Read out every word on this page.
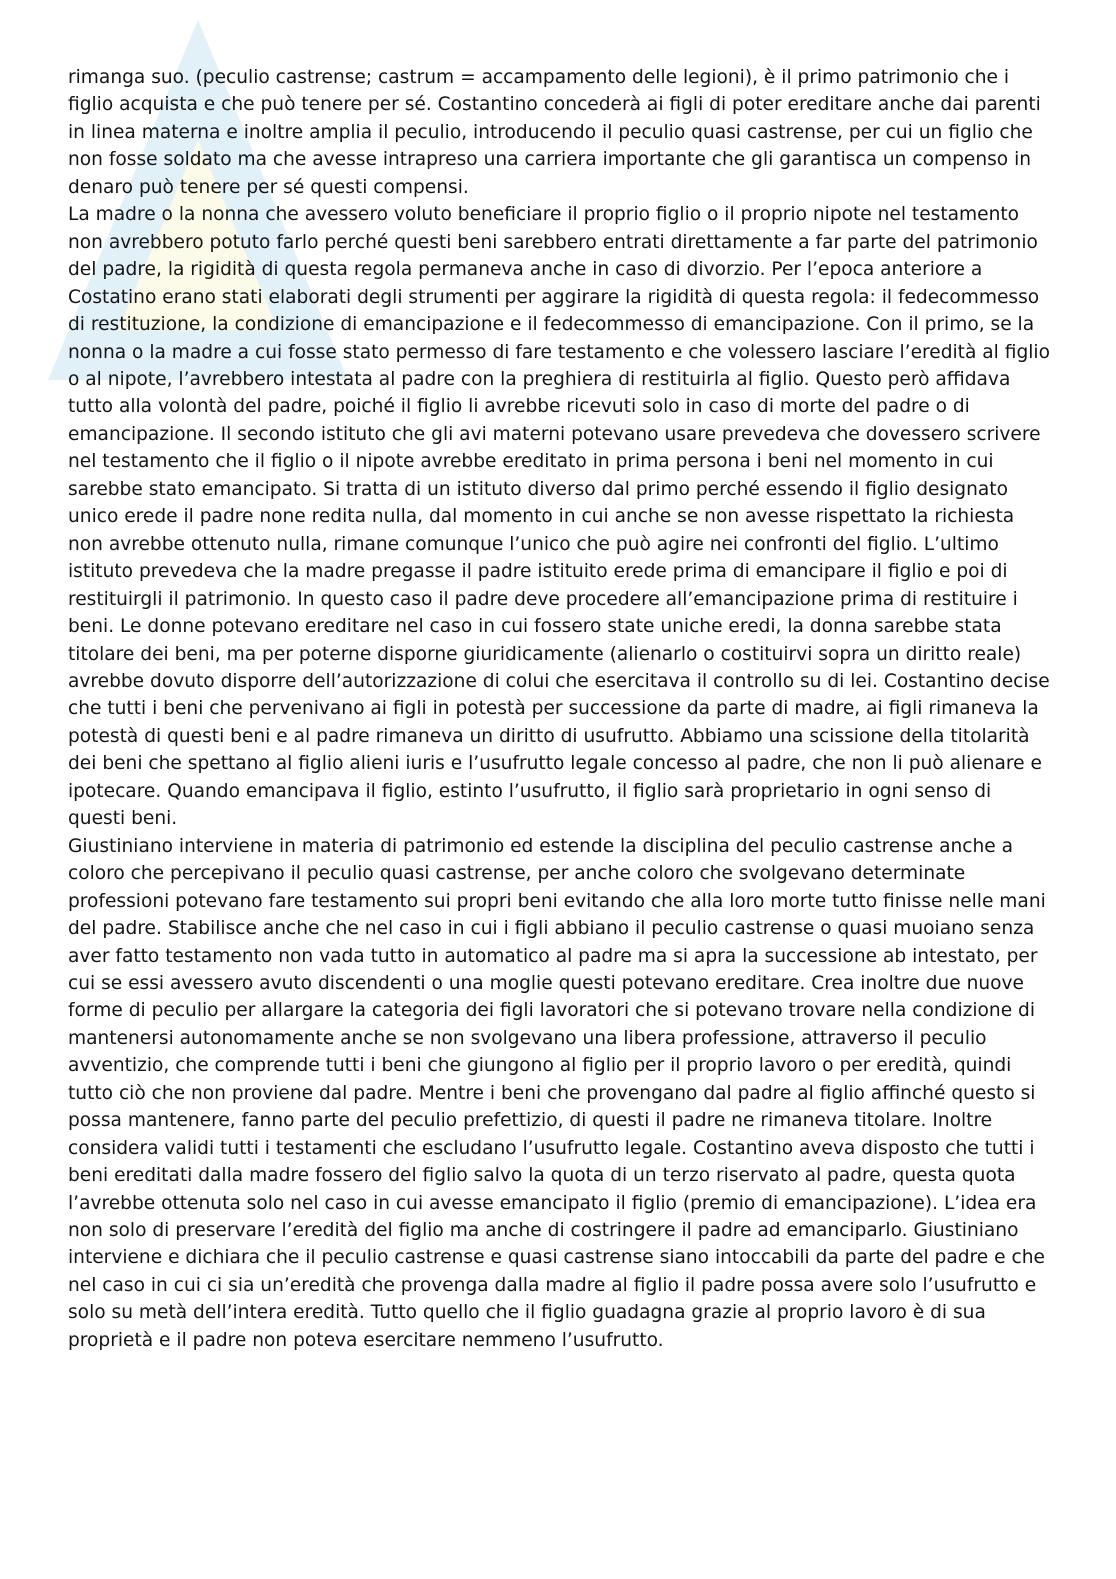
rimanga suo. (peculio castrense; castrum = accampamento delle legioni), è il primo patrimonio che i figlio acquista e che può tenere per sé. Costantino concederà ai figli di poter ereditare anche dai parenti in linea materna e inoltre amplia il peculio, introducendo il peculio quasi castrense, per cui un figlio che non fosse soldato ma che avesse intrapreso una carriera importante che gli garantisca un compenso in denaro può tenere per sé questi compensi.

La madre o la nonna che avessero voluto beneficiare il proprio figlio o il proprio nipote nel testamento non avrebbero potuto farlo perché questi beni sarebbero entrati direttamente a far parte del patrimonio del padre, la rigidità di questa regola permaneva anche in caso di divorzio. Per l’epoca anteriore a Costatino erano stati elaborati degli strumenti per aggirare la rigidità di questa regola: il fedecommesso di restituzione, la condizione di emancipazione e il fedecommesso di emancipazione. Con il primo, se la nonna o la madre a cui fosse stato permesso di fare testamento e che volessero lasciare l’eredità al figlio o al nipote, l’avrebbero intestata al padre con la preghiera di restituirla al figlio. Questo però affidava tutto alla volontà del padre, poiché il figlio li avrebbe ricevuti solo in caso di morte del padre o di emancipazione. Il secondo istituto che gli avi materni potevano usare prevedeva che dovessero scrivere nel testamento che il figlio o il nipote avrebbe ereditato in prima persona i beni nel momento in cui sarebbe stato emancipato. Si tratta di un istituto diverso dal primo perché essendo il figlio designato unico erede il padre none redita nulla, dal momento in cui anche se non avesse rispettato la richiesta non avrebbe ottenuto nulla, rimane comunque l’unico che può agire nei confronti del figlio. L’ultimo istituto prevedeva che la madre pregasse il padre istituito erede prima di emancipare il figlio e poi di restituirgli il patrimonio. In questo caso il padre deve procedere all’emancipazione prima di restituire i beni. Le donne potevano ereditare nel caso in cui fossero state uniche eredi, la donna sarebbe stata titolare dei beni, ma per poterne disporne giuridicamente (alienarlo o costituirvi sopra un diritto reale) avrebbe dovuto disporre dell’autorizzazione di colui che esercitava il controllo su di lei. Costantino decise che tutti i beni che pervenivano ai figli in potestà per successione da parte di madre, ai figli rimaneva la potestà di questi beni e al padre rimaneva un diritto di usufrutto. Abbiamo una scissione della titolarità dei beni che spettano al figlio alieni iuris e l’usufrutto legale concesso al padre, che non li può alienare e ipotecare. Quando emancipava il figlio, estinto l’usufrutto, il figlio sarà proprietario in ogni senso di questi beni.

Giustiniano interviene in materia di patrimonio ed estende la disciplina del peculio castrense anche a coloro che percepivano il peculio quasi castrense, per anche coloro che svolgevano determinate professioni potevano fare testamento sui propri beni evitando che alla loro morte tutto finisse nelle mani del padre. Stabilisce anche che nel caso in cui i figli abbiano il peculio castrense o quasi muoiano senza aver fatto testamento non vada tutto in automatico al padre ma si apra la successione ab intestato, per cui se essi avessero avuto discendenti o una moglie questi potevano ereditare. Crea inoltre due nuove forme di peculio per allargare la categoria dei figli lavoratori che si potevano trovare nella condizione di mantenersi autonomamente anche se non svolgevano una libera professione, attraverso il peculio avventizio, che comprende tutti i beni che giungono al figlio per il proprio lavoro o per eredità, quindi tutto ciò che non proviene dal padre. Mentre i beni che provengano dal padre al figlio affinché questo si possa mantenere, fanno parte del peculio prefettizio, di questi il padre ne rimaneva titolare. Inoltre considera validi tutti i testamenti che escludano l’usufrutto legale. Costantino aveva disposto che tutti i beni ereditati dalla madre fossero del figlio salvo la quota di un terzo riservato al padre, questa quota l’avrebbe ottenuta solo nel caso in cui avesse emancipato il figlio (premio di emancipazione). L’idea era non solo di preservare l’eredità del figlio ma anche di costringere il padre ad emanciparlo. Giustiniano interviene e dichiara che il peculio castrense e quasi castrense siano intoccabili da parte del padre e che nel caso in cui ci sia un’eredità che provenga dalla madre al figlio il padre possa avere solo l’usufrutto e solo su metà dell’intera eredità. Tutto quello che il figlio guadagna grazie al proprio lavoro è di sua proprietà e il padre non poteva esercitare nemmeno l’usufrutto.
